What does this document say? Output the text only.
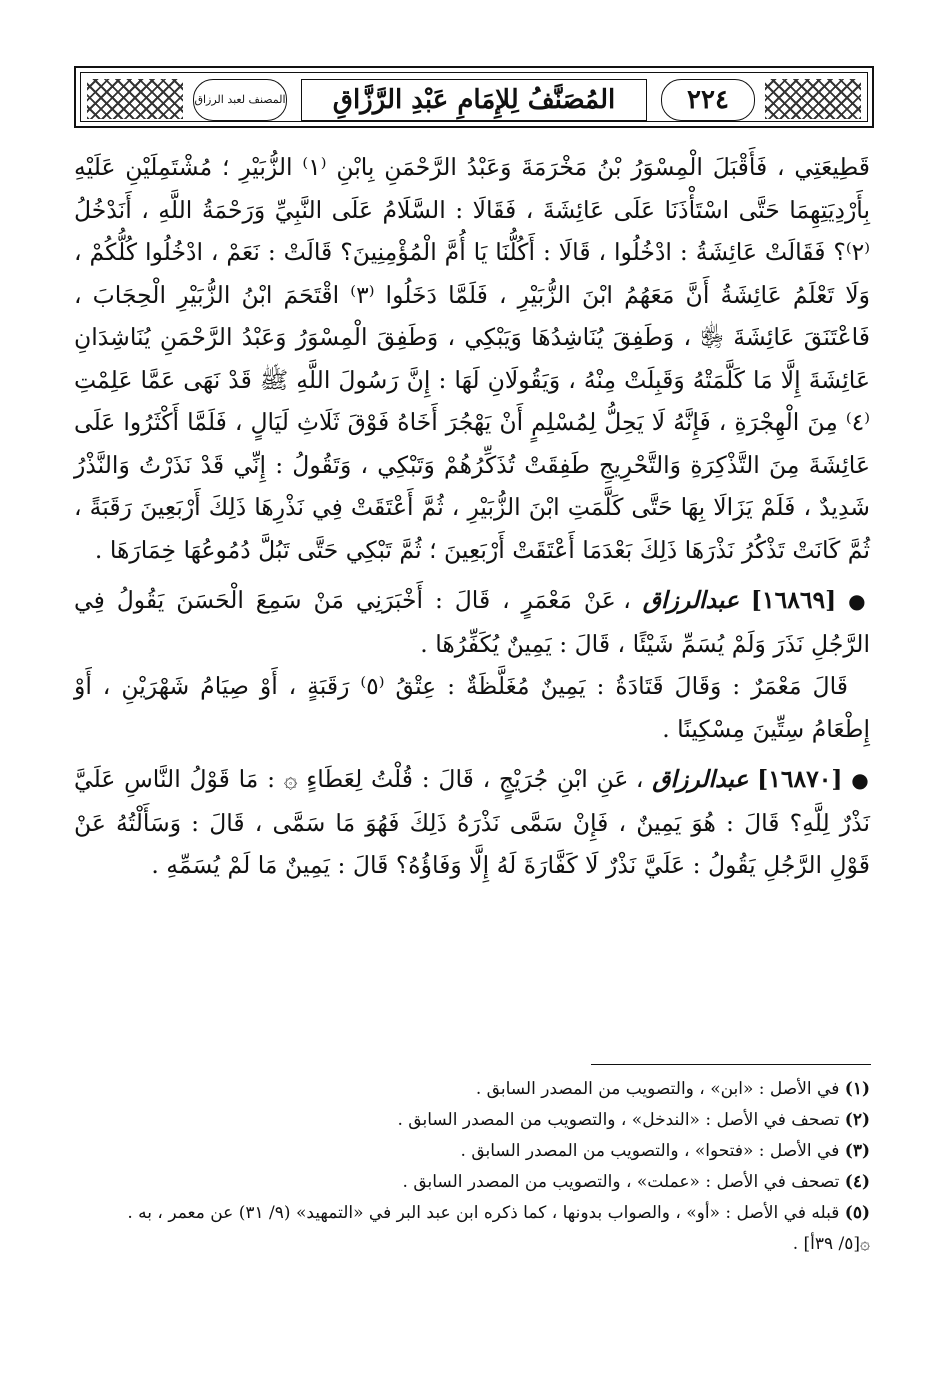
٢٢٤
المُصَنَّفُ لِلإِمَامِ عَبْدِ الرَّزَّاقِ
المصنف لعبد الرزاق

قَطِيعَتِي ، فَأَقْبَلَ الْمِسْوَرُ بْنُ مَخْرَمَةَ وَعَبْدُ الرَّحْمَنِ بِابْنِ ⁽١⁾ الزُّبَيْرِ ؛ مُشْتَمِلَيْنِ عَلَيْهِ بِأَرْدِيَتِهِمَا حَتَّى اسْتَأْذَنَا عَلَى عَائِشَةَ ، فَقَالَا : السَّلَامُ عَلَى النَّبِيِّ وَرَحْمَةُ اللَّهِ ، أَنَدْخُلُ ⁽٢⁾؟ فَقَالَتْ عَائِشَةُ : ادْخُلُوا ، قَالَا : أَكُلُّنَا يَا أُمَّ الْمُؤْمِنِينَ؟ قَالَتْ : نَعَمْ ، ادْخُلُوا كُلُّكُمْ ، وَلَا تَعْلَمُ عَائِشَةُ أَنَّ مَعَهُمُ ابْنَ الزُّبَيْرِ ، فَلَمَّا دَخَلُوا ⁽٣⁾ اقْتَحَمَ ابْنُ الزُّبَيْرِ الْحِجَابَ ، فَاعْتَنَقَ عَائِشَةَ ﵂ ، وَطَفِقَ يُنَاشِدُهَا وَيَبْكِي ، وَطَفِقَ الْمِسْوَرُ وَعَبْدُ الرَّحْمَنِ يُنَاشِدَانِ عَائِشَةَ إِلَّا مَا كَلَّمَتْهُ وَقَبِلَتْ مِنْهُ ، وَيَقُولَانِ لَهَا : إِنَّ رَسُولَ اللَّهِ ﷺ قَدْ نَهَى عَمَّا عَلِمْتِ ⁽٤⁾ مِنَ الْهِجْرَةِ ، فَإِنَّهُ لَا يَحِلُّ لِمُسْلِمٍ أَنْ يَهْجُرَ أَخَاهُ فَوْقَ ثَلَاثِ لَيَالٍ ، فَلَمَّا أَكْثَرُوا عَلَى عَائِشَةَ مِنَ التَّذْكِرَةِ وَالتَّحْرِيجِ طَفِقَتْ تُذَكِّرُهُمْ وَتَبْكِي ، وَتَقُولُ : إِنِّي قَدْ نَذَرْتُ وَالنَّذْرُ شَدِيدٌ ، فَلَمْ يَزَالَا بِهَا حَتَّى كَلَّمَتِ ابْنَ الزُّبَيْرِ ، ثُمَّ أَعْتَقَتْ فِي نَذْرِهَا ذَلِكَ أَرْبَعِينَ رَقَبَةً ، ثُمَّ كَانَتْ تَذْكُرُ نَذْرَهَا ذَلِكَ بَعْدَمَا أَعْتَقَتْ أَرْبَعِينَ ؛ ثُمَّ تَبْكِي حَتَّى تَبُلَّ دُمُوعُهَا خِمَارَهَا .

● [١٦٨٦٩] عبدالرزاق ، عَنْ مَعْمَرٍ ، قَالَ : أَخْبَرَنِي مَنْ سَمِعَ الْحَسَنَ يَقُولُ فِي الرَّجُلِ نَذَرَ وَلَمْ يُسَمِّ شَيْئًا ، قَالَ : يَمِينٌ يُكَفِّرُهَا .

قَالَ مَعْمَرٌ : وَقَالَ قَتَادَةُ : يَمِينٌ مُغَلَّظَةٌ : عِتْقُ ⁽٥⁾ رَقَبَةٍ ، أَوْ صِيَامُ شَهْرَيْنِ ، أَوْ إِطْعَامُ سِتِّينَ مِسْكِينًا .

● [١٦٨٧٠] عبدالرزاق ، عَنِ ابْنِ جُرَيْجٍ ، قَالَ : قُلْتُ لِعَطَاءٍ ۞ : مَا قَوْلُ النَّاسِ عَلَيَّ نَذْرٌ لِلَّهِ؟ قَالَ : هُوَ يَمِينٌ ، فَإِنْ سَمَّى نَذْرَهُ ذَلِكَ فَهُوَ مَا سَمَّى ، قَالَ : وَسَأَلْتُهُ عَنْ قَوْلِ الرَّجُلِ يَقُولُ : عَلَيَّ نَذْرٌ لَا كَفَّارَةَ لَهُ إِلَّا وَفَاؤُهُ؟ قَالَ : يَمِينٌ مَا لَمْ يُسَمِّهِ .

(١) في الأصل : «ابن» ، والتصويب من المصدر السابق .

(٢) تصحف في الأصل : «الندخل» ، والتصويب من المصدر السابق .

(٣) في الأصل : «فتحوا» ، والتصويب من المصدر السابق .

(٤) تصحف في الأصل : «عملت» ، والتصويب من المصدر السابق .

(٥) قبله في الأصل : «أو» ، والصواب بدونها ، كما ذكره ابن عبد البر في «التمهيد» (٩/ ٣١) عن معمر ، به .

۞[٥/ ٣٩أ] .
